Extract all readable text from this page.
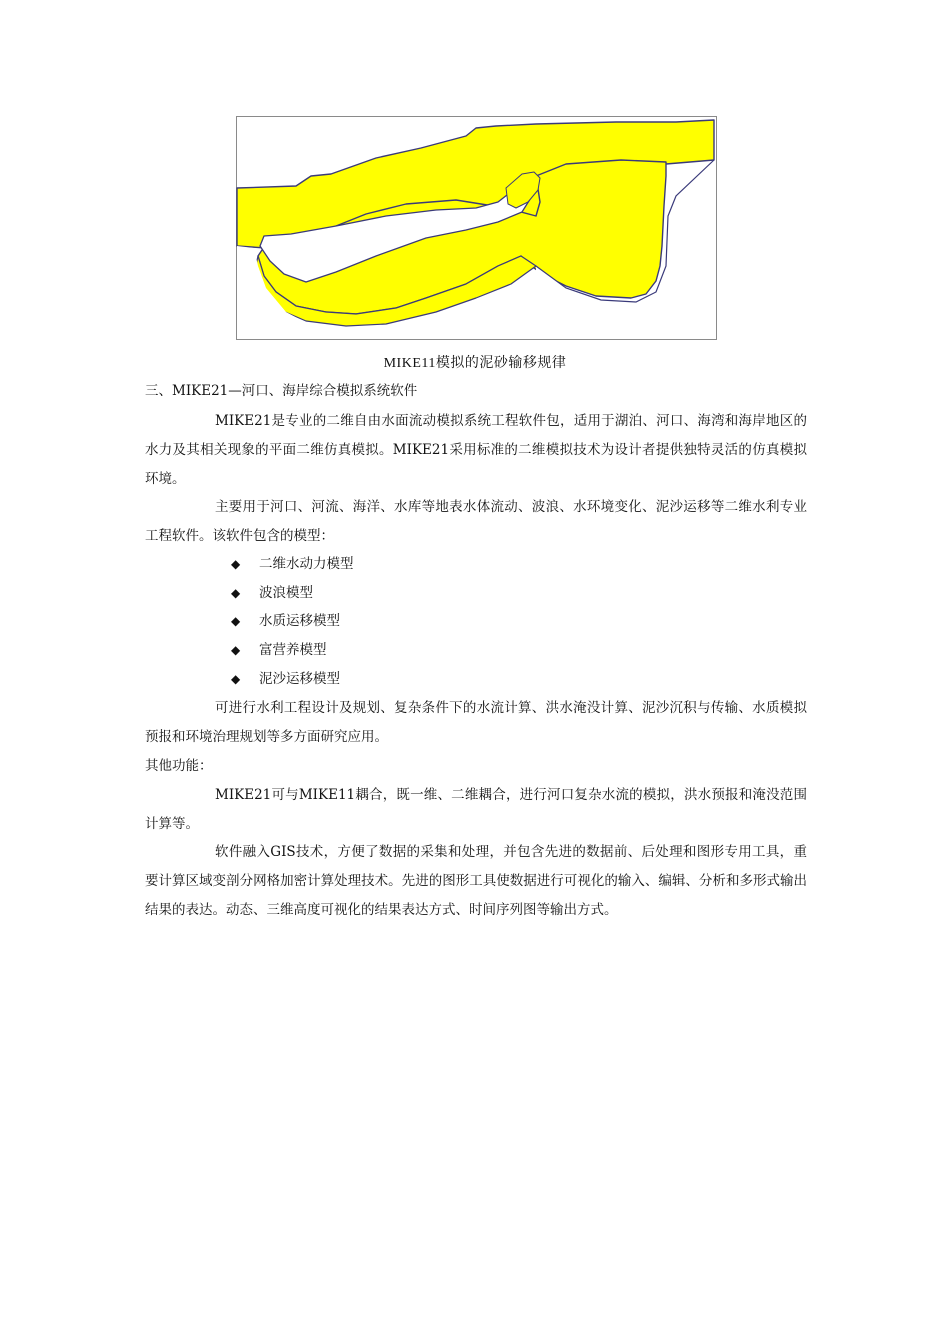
MIKE11模拟的泥砂输移规律
三、MIKE21—河口、海岸综合模拟系统软件
MIKE21是专业的二维自由水面流动模拟系统工程软件包，适用于湖泊、河口、海湾和海岸地区的水力及其相关现象的平面二维仿真模拟。MIKE21采用标准的二维模拟技术为设计者提供独特灵活的仿真模拟环境。
主要用于河口、河流、海洋、水库等地表水体流动、波浪、水环境变化、泥沙运移等二维水利专业工程软件。该软件包含的模型：
◆ 二维水动力模型
◆ 波浪模型
◆ 水质运移模型
◆ 富营养模型
◆ 泥沙运移模型
可进行水利工程设计及规划、复杂条件下的水流计算、洪水淹没计算、泥沙沉积与传输、水质模拟预报和环境治理规划等多方面研究应用。
其他功能：
MIKE21可与MIKE11耦合，既一维、二维耦合，进行河口复杂水流的模拟，洪水预报和淹没范围计算等。
软件融入GIS技术，方便了数据的采集和处理，并包含先进的数据前、后处理和图形专用工具，重要计算区域变剖分网格加密计算处理技术。先进的图形工具使数据进行可视化的输入、编辑、分析和多形式输出结果的表达。动态、三维高度可视化的结果表达方式、时间序列图等输出方式。
